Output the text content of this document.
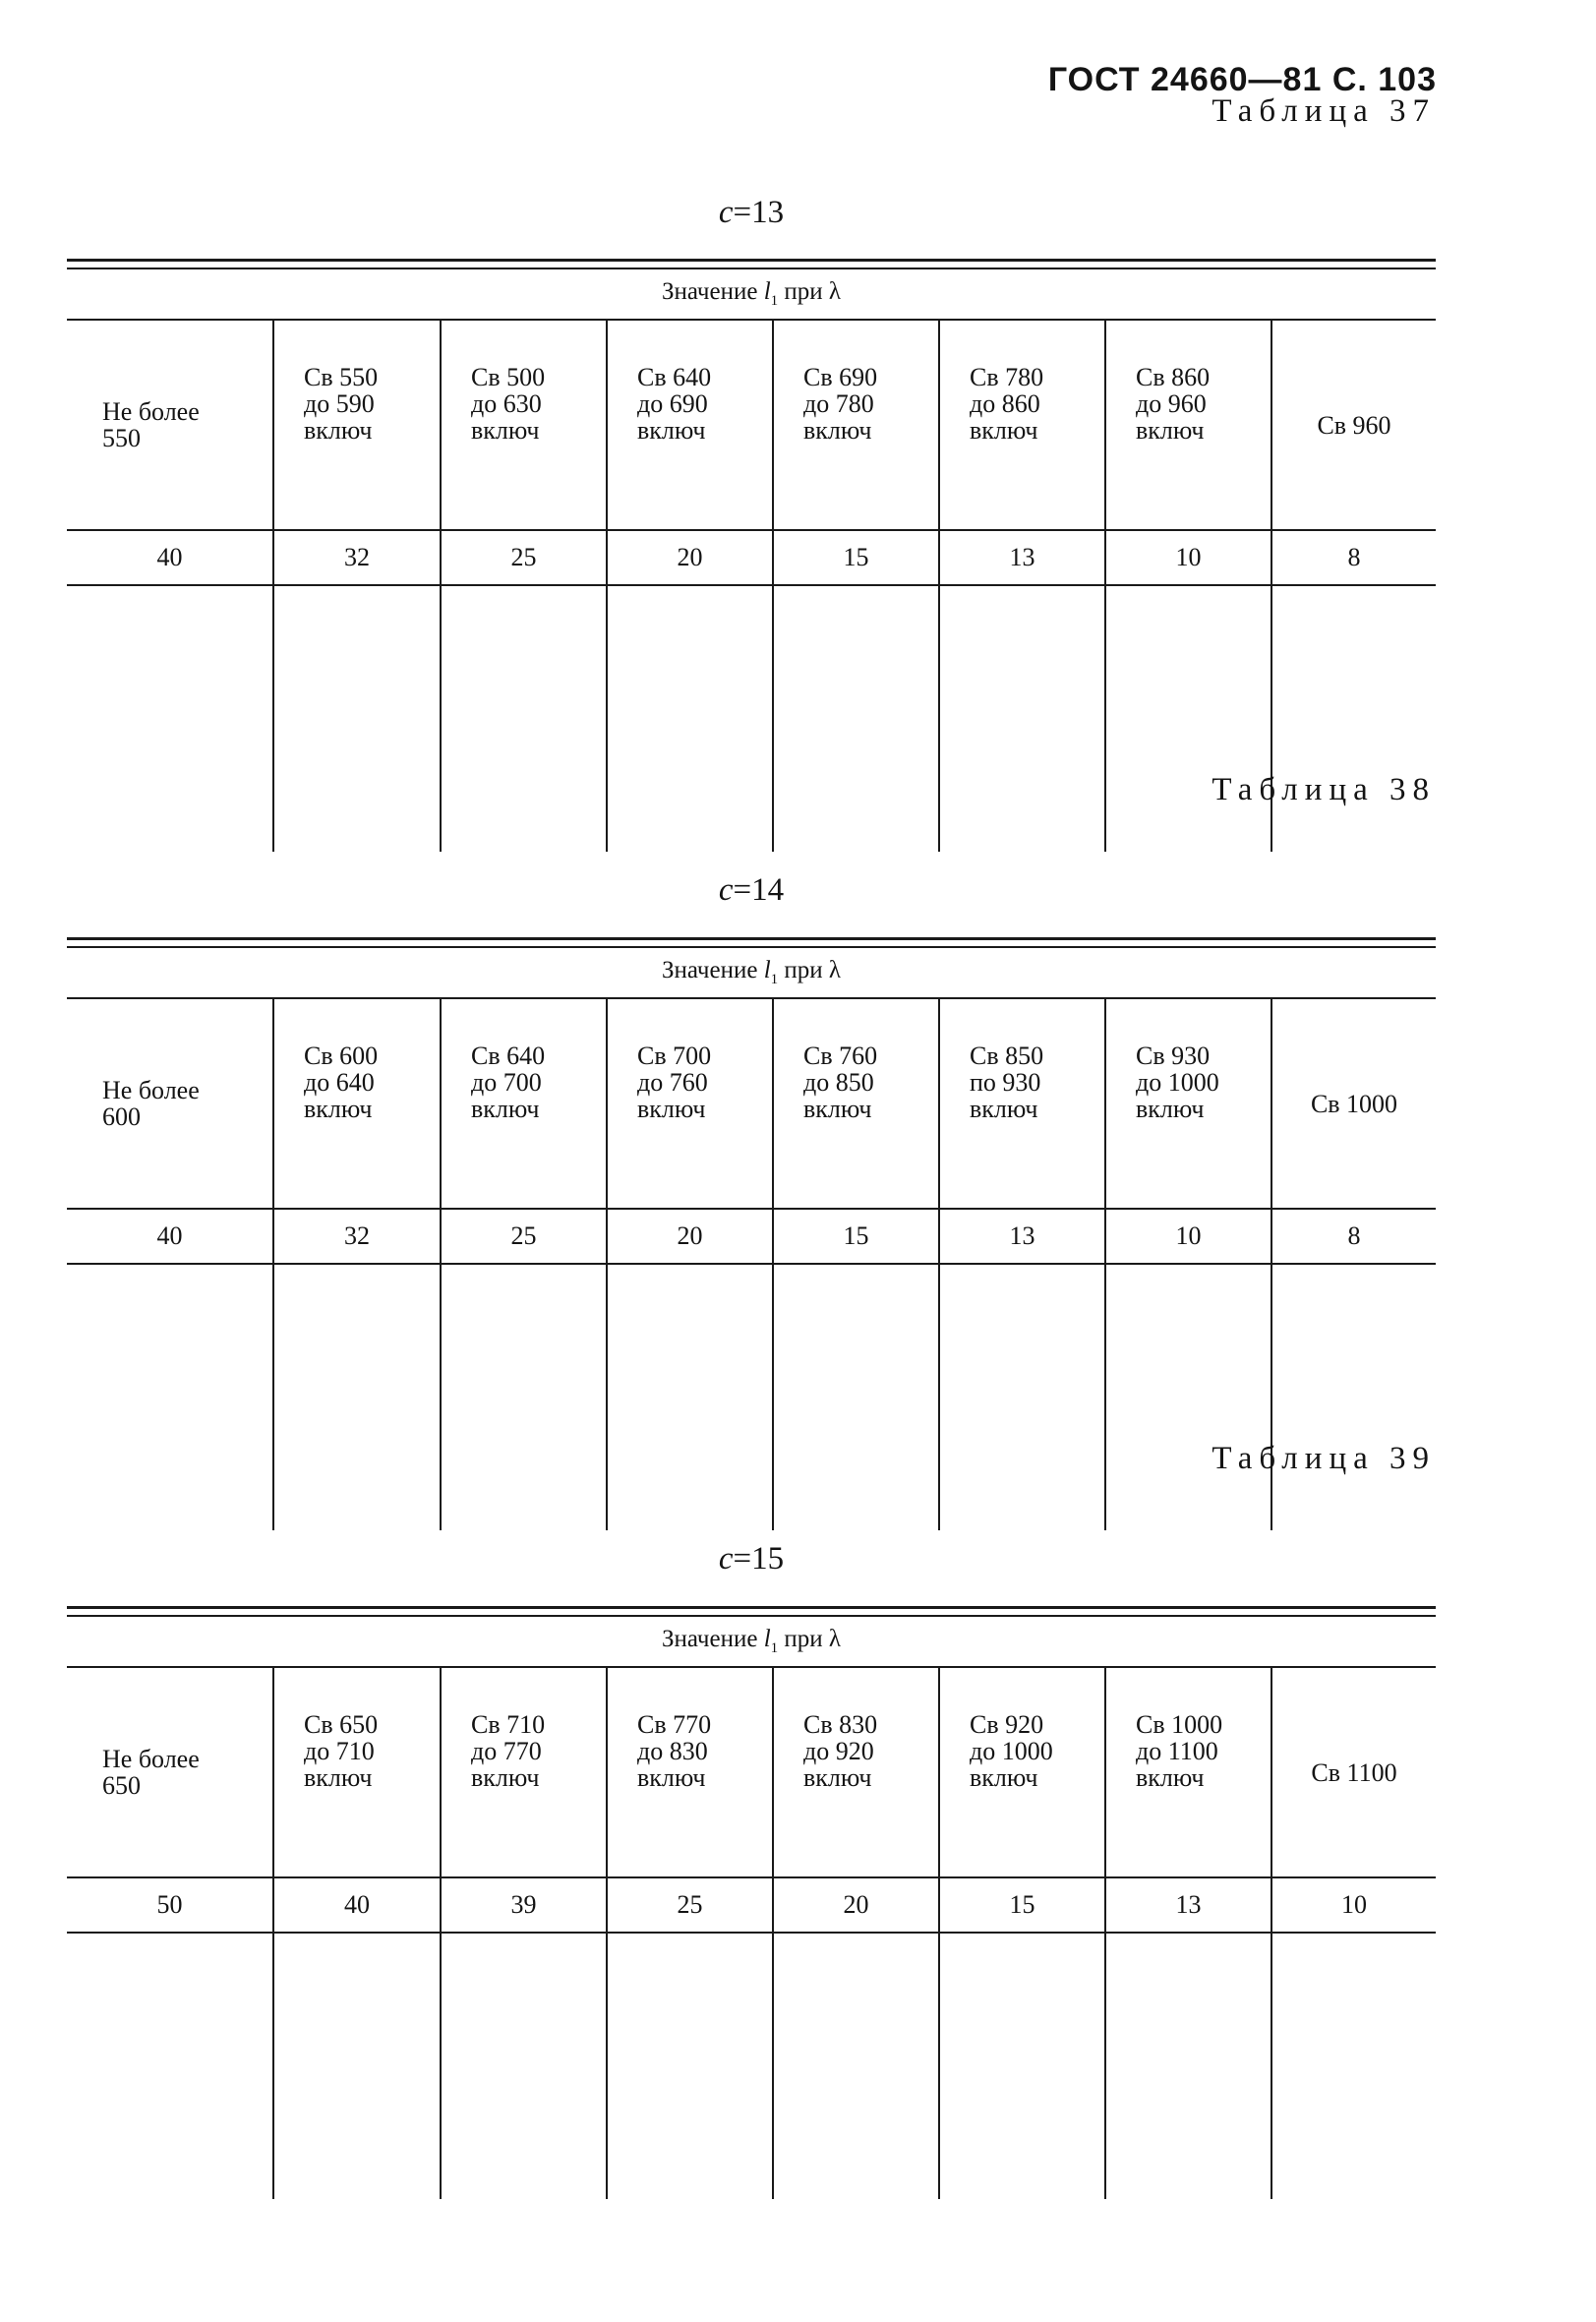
ГОСТ 24660—81 С. 103
Таблица 37
c=13

Значение $l_1$ при λ							

Не более
550	Св 550
до 590
включ	Св 500
до 630
включ	Св 640
до 690
включ	Св 690
до 780
включ	Св 780
до 860
включ	Св 860
до 960
включ	Св 960
40	32	25	20	15	13	10	8

Таблица 38
c=14

Значение $l_1$ при λ							

Не более
600	Св 600
до 640
включ	Св 640
до 700
включ	Св 700
до 760
включ	Св 760
до 850
включ	Св 850
по 930
включ	Св 930
до 1000
включ	Св 1000
40	32	25	20	15	13	10	8

Таблица 39
c=15

Значение $l_1$ при λ							

Не более
650	Св 650
до 710
включ	Св 710
до 770
включ	Св 770
до 830
включ	Св 830
до 920
включ	Св 920
до 1000
включ	Св 1000
до 1100
включ	Св 1100
50	40	39	25	20	15	13	10
